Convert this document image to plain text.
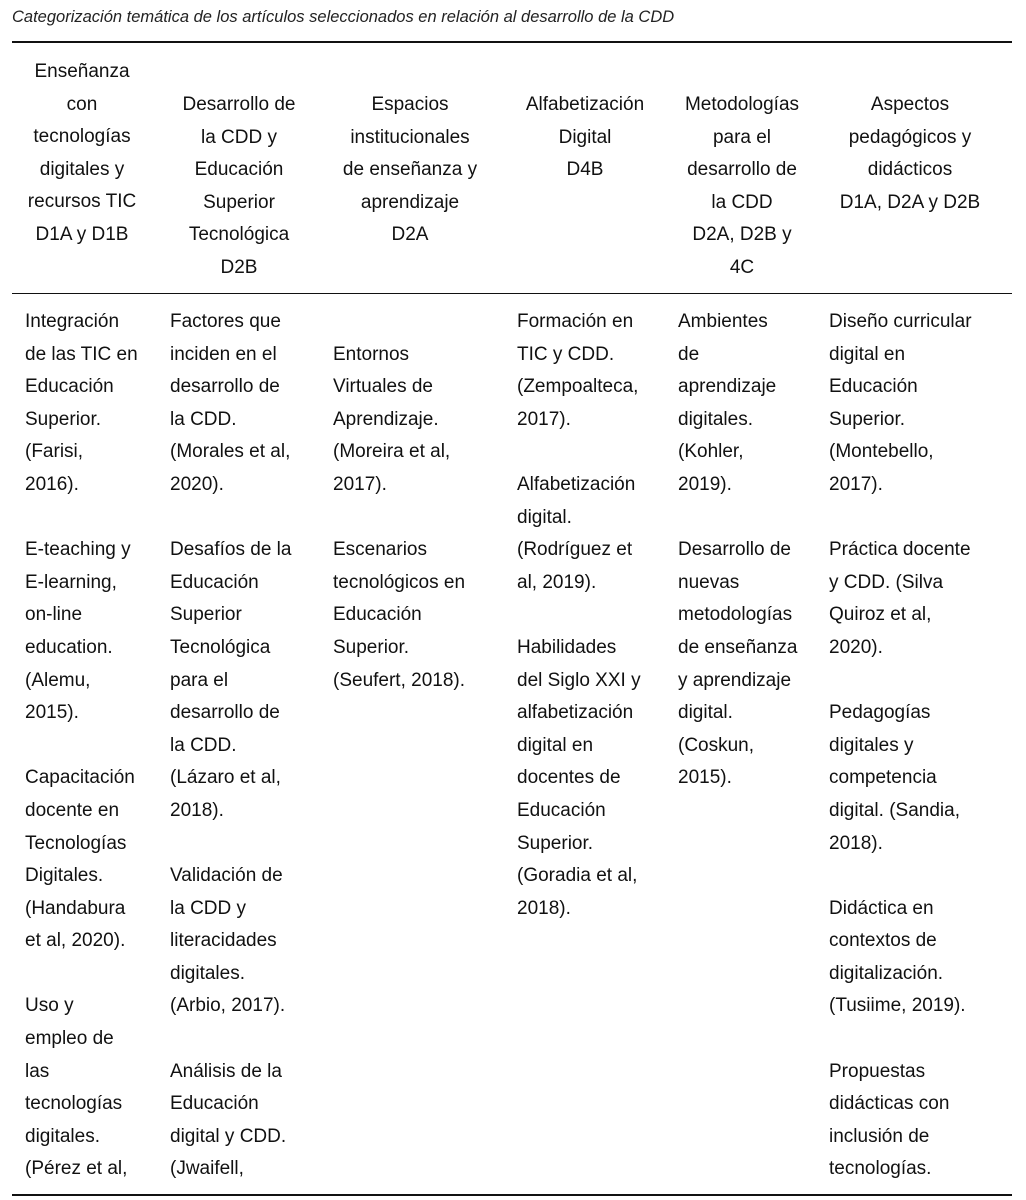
Categorización temática de los artículos seleccionados en relación al desarrollo de la CDD
Enseñanza
con
tecnologías
digitales y
recursos TIC
D1A y D1B
Desarrollo de
la CDD y
Educación
Superior
Tecnológica
D2B
Espacios
institucionales
de enseñanza y
aprendizaje
D2A
Alfabetización
Digital
D4B
Metodologías
para el
desarrollo de
la CDD
D2A, D2B y
4C
Aspectos
pedagógicos y
didácticos
D1A, D2A y D2B
Integración
de las TIC en
Educación
Superior.
(Farisi,
2016).
E-teaching y
E-learning,
on-line
education.
(Alemu,
2015).
Capacitación
docente en
Tecnologías
Digitales.
(Handabura
et al, 2020).
Uso y
empleo de
las
tecnologías
digitales.
(Pérez et al,
Factores que
inciden en el
desarrollo de
la CDD.
(Morales et al,
2020).
Desafíos de la
Educación
Superior
Tecnológica
para el
desarrollo de
la CDD.
(Lázaro et al,
2018).
Validación de
la CDD y
literacidades
digitales.
(Arbio, 2017).
Análisis de la
Educación
digital y CDD.
(Jwaifell,
Entornos
Virtuales de
Aprendizaje.
(Moreira et al,
2017).
Escenarios
tecnológicos en
Educación
Superior.
(Seufert, 2018).
Formación en
TIC y CDD.
(Zempoalteca,
2017).
Alfabetización
digital.
(Rodríguez et
al, 2019).
Habilidades
del Siglo XXI y
alfabetización
digital en
docentes de
Educación
Superior.
(Goradia et al,
2018).
Ambientes
de
aprendizaje
digitales.
(Kohler,
2019).
Desarrollo de
nuevas
metodologías
de enseñanza
y aprendizaje
digital.
(Coskun,
2015).
Diseño curricular
digital en
Educación
Superior.
(Montebello,
2017).
Práctica docente
y CDD. (Silva
Quiroz et al,
2020).
Pedagogías
digitales y
competencia
digital. (Sandia,
2018).
Didáctica en
contextos de
digitalización.
(Tusiime, 2019).
Propuestas
didácticas con
inclusión de
tecnologías.
